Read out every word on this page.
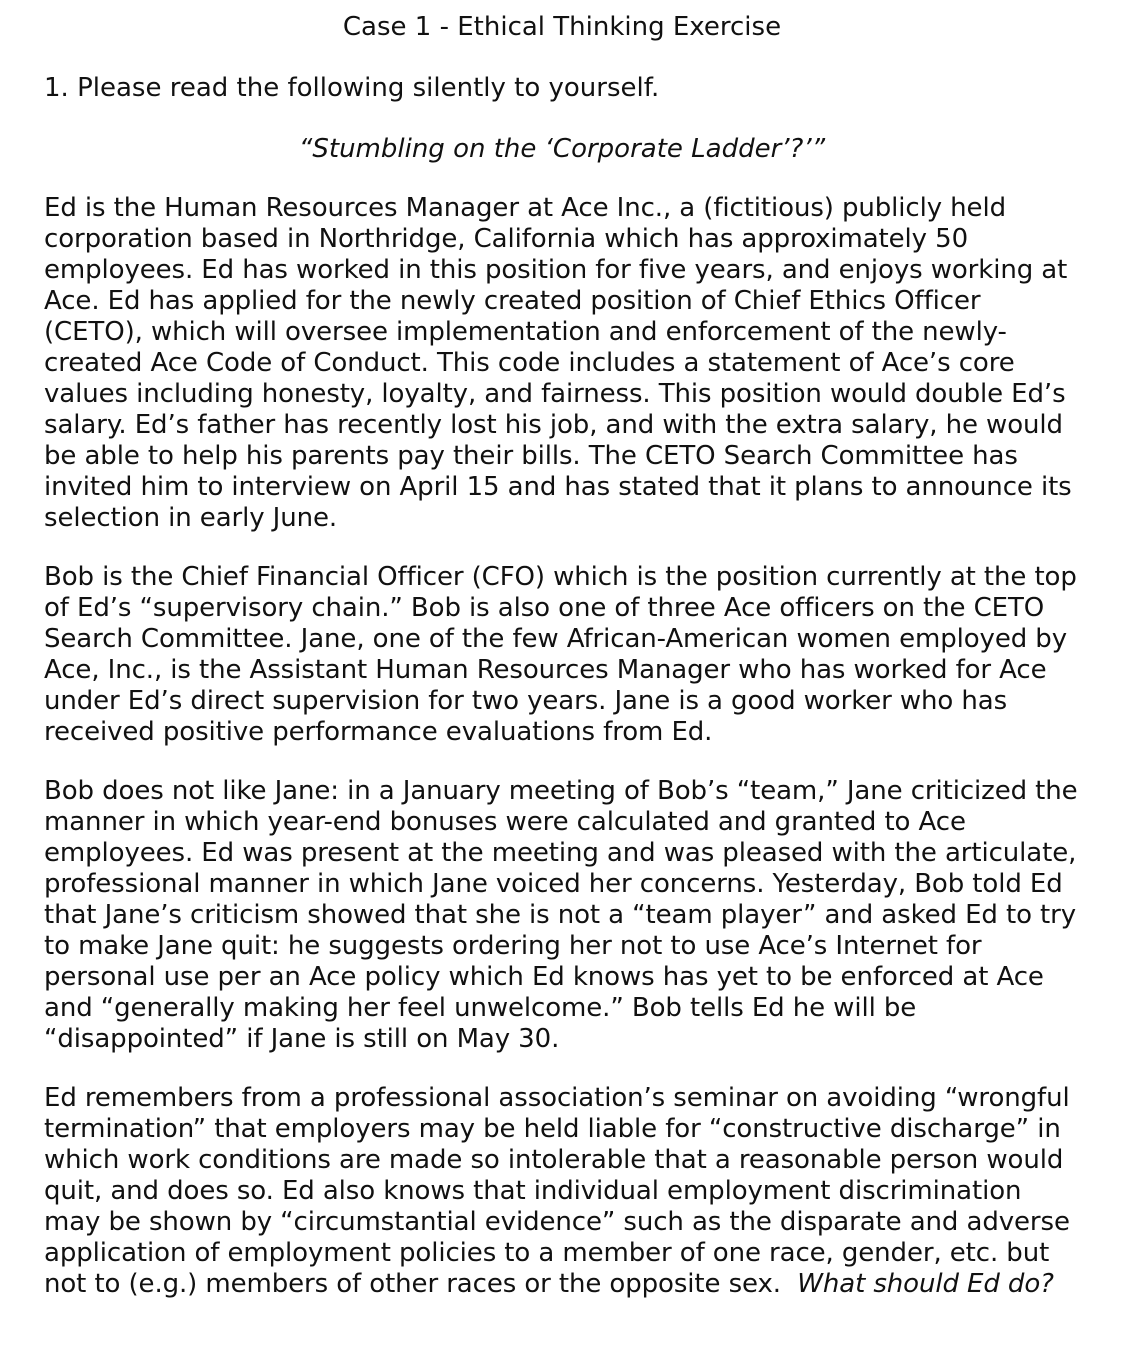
Case 1 - Ethical Thinking Exercise

1. Please read the following silently to yourself.

“Stumbling on the ‘Corporate Ladder’?’”

Ed is the Human Resources Manager at Ace Inc., a (fictitious) publicly held corporation based in Northridge, California which has approximately 50 employees. Ed has worked in this position for five years, and enjoys working at Ace. Ed has applied for the newly created position of Chief Ethics Officer (CETO), which will oversee implementation and enforcement of the newly-created Ace Code of Conduct. This code includes a statement of Ace’s core values including honesty, loyalty, and fairness. This position would double Ed’s salary. Ed’s father has recently lost his job, and with the extra salary, he would be able to help his parents pay their bills. The CETO Search Committee has invited him to interview on April 15 and has stated that it plans to announce its selection in early June.

Bob is the Chief Financial Officer (CFO) which is the position currently at the top of Ed’s “supervisory chain.” Bob is also one of three Ace officers on the CETO Search Committee. Jane, one of the few African-American women employed by Ace, Inc., is the Assistant Human Resources Manager who has worked for Ace under Ed’s direct supervision for two years. Jane is a good worker who has received positive performance evaluations from Ed.

Bob does not like Jane: in a January meeting of Bob’s “team,” Jane criticized the manner in which year-end bonuses were calculated and granted to Ace employees. Ed was present at the meeting and was pleased with the articulate, professional manner in which Jane voiced her concerns. Yesterday, Bob told Ed that Jane’s criticism showed that she is not a “team player” and asked Ed to try to make Jane quit: he suggests ordering her not to use Ace’s Internet for personal use per an Ace policy which Ed knows has yet to be enforced at Ace and “generally making her feel unwelcome.” Bob tells Ed he will be “disappointed” if Jane is still on May 30.

Ed remembers from a professional association’s seminar on avoiding “wrongful termination” that employers may be held liable for “constructive discharge” in which work conditions are made so intolerable that a reasonable person would quit, and does so. Ed also knows that individual employment discrimination may be shown by “circumstantial evidence” such as the disparate and adverse application of employment policies to a member of one race, gender, etc. but not to (e.g.) members of other races or the opposite sex. What should Ed do?
